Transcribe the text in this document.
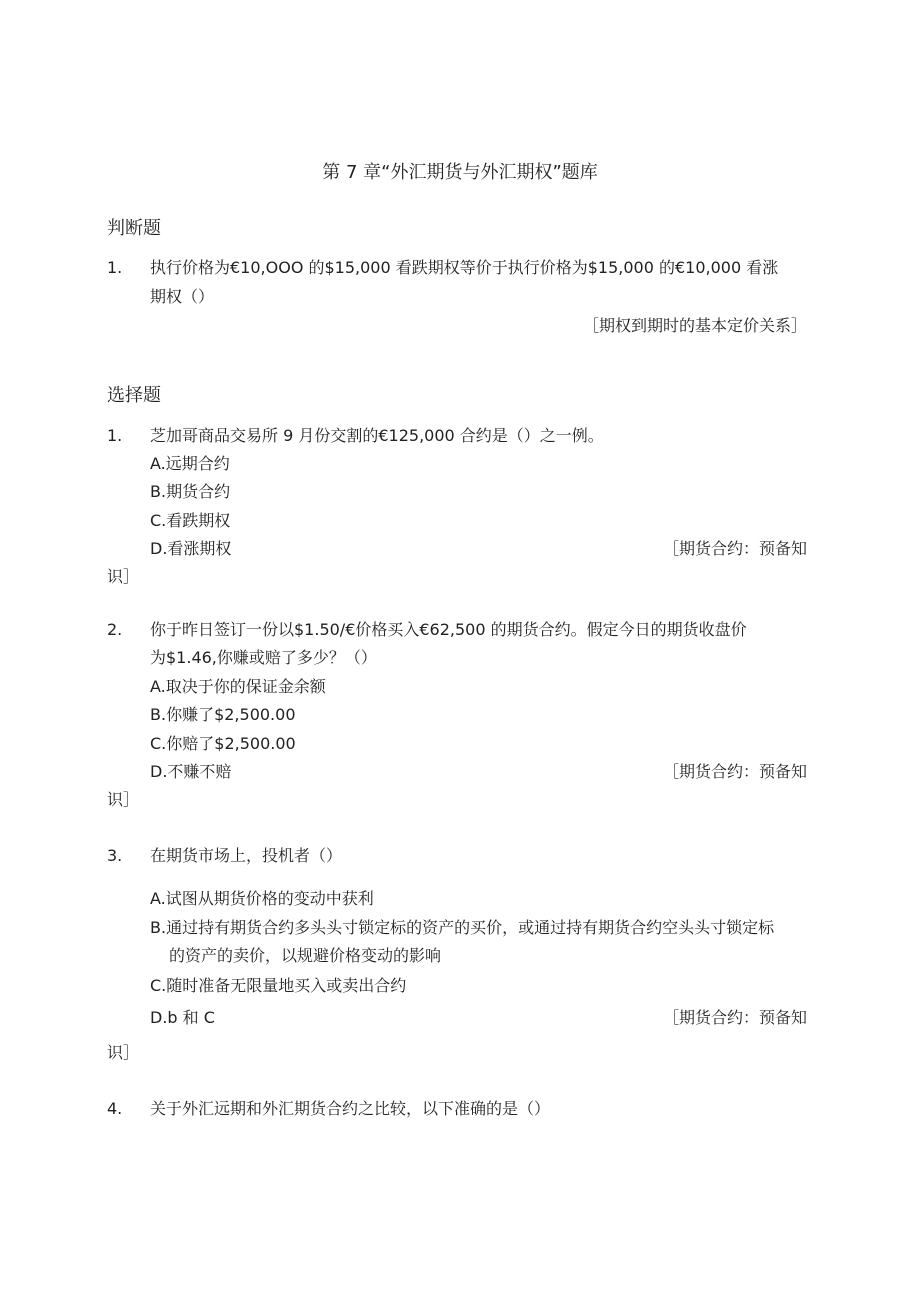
第 7 章“外汇期货与外汇期权”题库
判断题
1. 执行价格为€10,OOO 的$15,000 看跌期权等价于执行价格为$15,000 的€10,000 看涨
期权（）
［期权到期时的基本定价关系］
选择题
1. 芝加哥商品交易所 9 月份交割的€125,000 合约是（）之一例。
A.远期合约
B.期货合约
C.看跌期权
D.看涨期权	［期货合约：预备知
识］
2. 你于昨日签订一份以$1.50/€价格买入€62,500 的期货合约。假定今日的期货收盘价
为$1.46,你赚或赔了多少？（）
A.取决于你的保证金余额
B.你赚了$2,500.00
C.你赔了$2,500.00
D.不赚不赔	［期货合约：预备知
识］
3. 在期货市场上，投机者（）
A.试图从期货价格的变动中获利
B.通过持有期货合约多头头寸锁定标的资产的买价，或通过持有期货合约空头头寸锁定标
的资产的卖价，以规避价格变动的影响
C.随时准备无限量地买入或卖出合约
D.b 和 C	［期货合约：预备知
识］
4. 关于外汇远期和外汇期货合约之比较，以下准确的是（）
